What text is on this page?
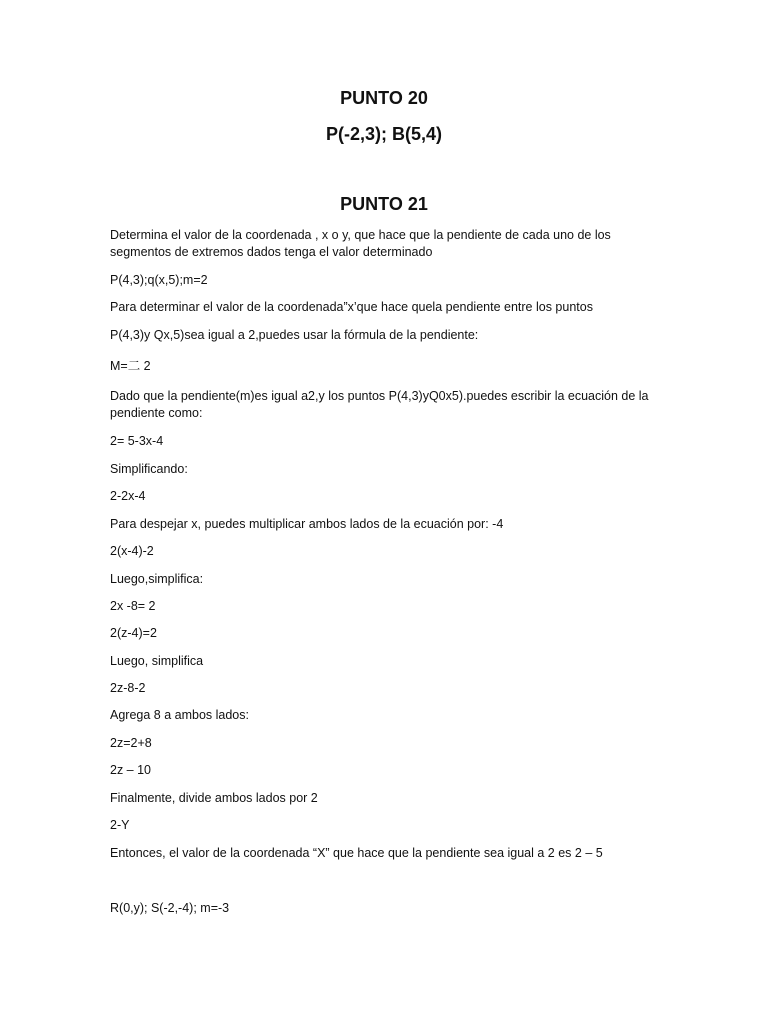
PUNTO 20
P(-2,3); B(5,4)
PUNTO 21

Determina el valor de la coordenada , x o y, que hace que la pendiente de cada uno de los segmentos de extremos dados tenga el valor determinado

P(4,3);q(x,5);m=2

Para determinar el valor de la coordenada”x’que hace quela pendiente entre los puntos

P(4,3)y Qx,5)sea igual a 2,puedes usar la fórmula de la pendiente:

M=二 2

Dado que la pendiente(m)es igual a2,y los puntos P(4,3)yQ0x5).puedes escribir la ecuación de la pendiente como:

2= 5-3x-4

Simplificando:

2-2x-4

Para despejar x, puedes multiplicar ambos lados de la ecuación por: -4

2(x-4)-2

Luego,simplifica:

2x -8= 2

2(z-4)=2

Luego, simplifica

2z-8-2

Agrega 8 a ambos lados:

2z=2+8

2z – 10

Finalmente, divide ambos lados por 2

2-Y

Entonces, el valor de la coordenada “X” que hace que la pendiente sea igual a 2 es 2 – 5

R(0,y); S(-2,-4); m=-3
